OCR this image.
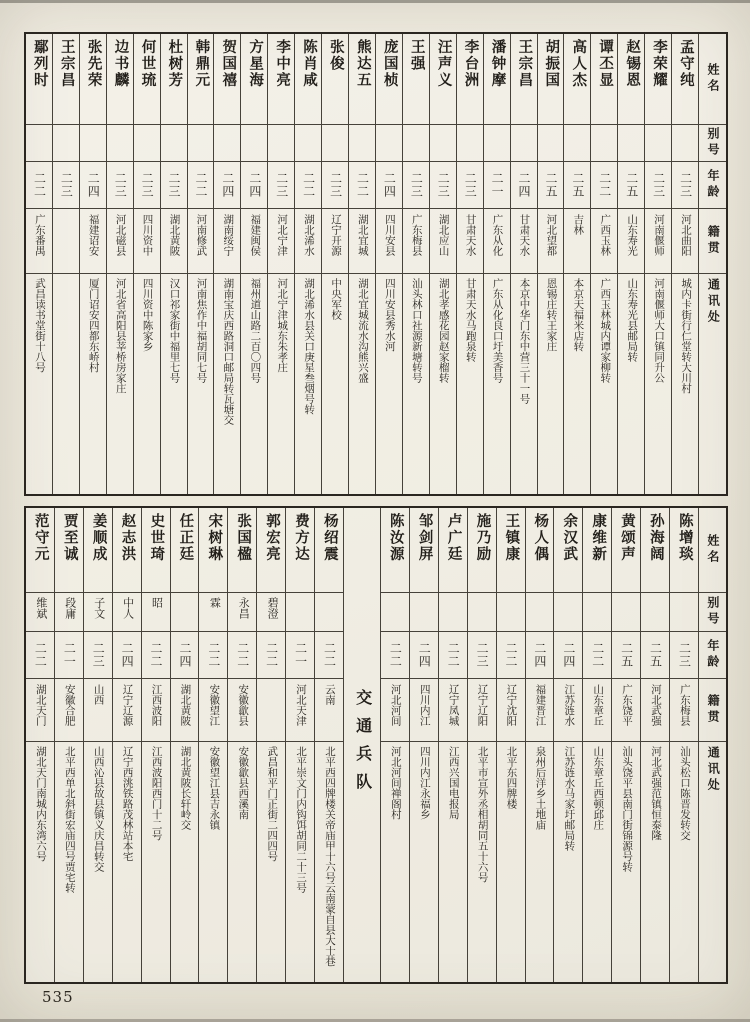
鄢列时
二二
广东番禺
武昌读书堂街十八号
王宗昌
二三
张先荣
二四
福建诏安
厦门诏安四都东峤村
边书麟
二三
河北磁县
河北省高阳县莘桥房家庄
何世琉
二三
四川资中
四川资中陈家乡
杜树芳
二三
湖北黄陂
汉口祁家街中福里七号
韩鼎元
二二
河南修武
河南焦作中福胡同七号
贺国禧
二四
湖南绥宁
湖南宝庆西路洞口邮局转瓦塘交
方星海
二四
福建闽侯
福州道山路二百〇四号
李中亮
二三
河北宁津
河北宁津城东朱孝庄
陈肖咸
二二
湖北浠水
湖北浠水县关口庚星叁烟号转
张俊
二三
辽宁开源
中央军校
熊达五
二二
湖北宜城
湖北宜城流水沟熊兴盛
庞国桢
二四
四川安县
四川安县秀水河
王强
二三
广东梅县
汕头林口社源新塘转号
汪声义
二三
湖北应山
湖北孝感花园赵家榴转
李台洲
二三
甘肃天水
甘肃天水马跑泉转
潘钟摩
二一
广东从化
广东从化良口圩美香号
王宗昌
二四
甘肃天水
本京中华门东中营三十一号
胡振国
二五
河北望都
恩锡庄转王家庄
高人杰
二五
吉林
本京天福米店转
谭丕显
二二
广西玉林
广西玉林城内谭家柳转
赵锡恩
二五
山东寿光
山东寿光县邮局转
李荣耀
二三
河南偃师
河南偃师大口镇同升公
孟守纯
二三
河北曲阳
城内卡街行仁堂转大川村
姓名
别号
年龄
籍贯
通讯处
范守元
维斌
二二
湖北天门
湖北天门南城内东湾六号
贾至诚
段庸
二一
安徽合肥
北平西单北斜街宏庙四号贾宅转
姜顺成
子文
二三
山西
山西沁县故县镇义庆昌转交
赵志洪
中人
二四
辽宁辽源
辽宁西洮铁路茂林站本宅
史世琦
昭
二二
江西波阳
江西波阳西门十二号
任正廷
二四
湖北黄陂
湖北黄陂长轩岭交
宋树琳
霖
二二
安徽望江
安徽望江县吉永镇
张国楹
永昌
二二
安徽歙县
安徽歙县西溪南
郭宏亮
碧澄
二二
武昌和平门正街二四四号
费方达
二一
河北天津
北平崇文门内钩饵胡同二十三号
杨绍震
二二
云南
北平西四牌楼关帝庙甲十六号云南蒙自县大士巷
交通兵队
陈汝源
二二
河北河间
河北河间禅阁村
邹剑屏
二四
四川内江
四川内江永福乡
卢广廷
二二
辽宁凤城
江西兴国电报局
施乃励
二三
辽宁辽阳
北平市宣外丞相胡同五十六号
王镇康
二二
辽宁沈阳
北平东四牌楼
杨人偶
二四
福建晋江
泉州后洋乡土地庙
余汉武
二四
江苏涟水
江苏涟水马家圩邮局转
康维新
二二
山东章丘
山东章丘西顿邱庄
黄颂声
二五
广东饶平
汕头饶平县南门街锦源号转
孙海阔
二五
河北武强
河北武强范镇恒泰隆
陈增琰
二三
广东梅县
汕头松口陈晋发转交
姓名
别号
年龄
籍贯
通讯处
535
